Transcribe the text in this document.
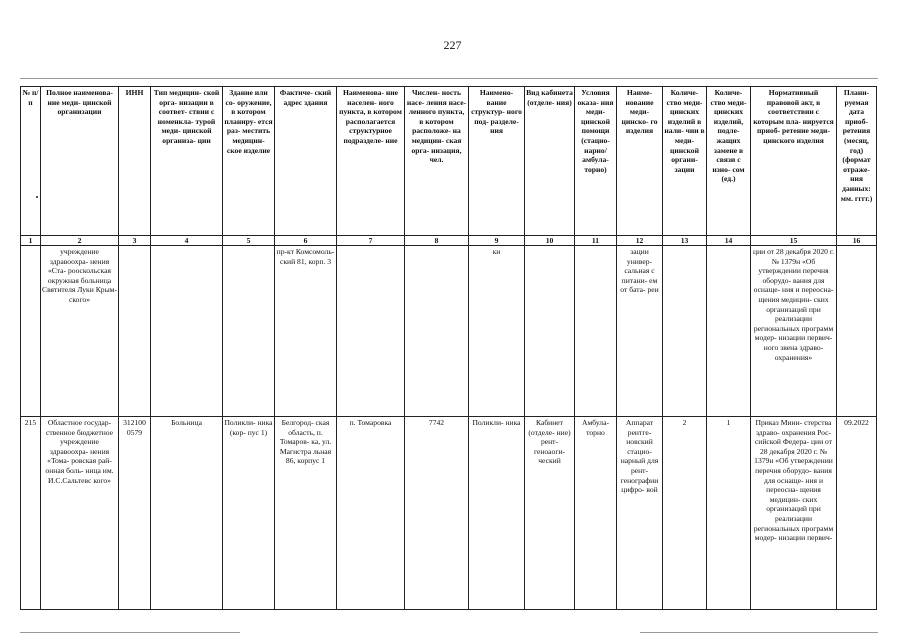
227
№ п/п	Полное наименова- ние меди- цинской организации	ИНН	Тип медицин- ской орга- низации в соответ- ствии с номенкла- турой меди- цинской организа- ции	Здание или со- оружение, в котором планиру- ется раз- местить медицин- ское изделие	Фактиче- ский адрес здания	Наименова- ние населен- ного пункта, в котором располагается структурное подразделе- ние	Числен- ность насе- ления насе- ленного пункта, в котором расположе- на медицин- ская орга- низация, чел.	Наимено- вание структур- ного под- разделе- ния	Вид кабинета (отделе- ния)	Условия оказа- ния меди- цинской помощи (стацио- нарно/ амбула- торно)	Наиме- нование меди- цинско- го изделия	Количе- ство меди- цинских изделий в нали- чии в меди- цинской органи- зации	Количе- ство меди- цинских изделий, подле- жащих замене в связи с изно- сом (ед.)	Нормативный правовой акт, в соответствии с которым пла- нируется приоб- ретение меди- цинского изделия	Плани- руемая дата приоб- ретения (месяц, год) (формат отраже- ния данных: мм. гггг.)
1	2	3	4	5	6	7	8	9	10	11	12	13	14	15	16
	учреждение здравоохра- нения «Ста- рооскольская окружная больница Святителя Луки Крым- ского»				пр-кт Комсомоль- ский 81, корп. 3			ки			зации универ- сальная с питани- ем от бата- реи			ции от 28 декабря 2020 г. № 1379н «Об утверждении перечня оборудо- вания для оснаще- ния и переосна- щения медицин- ских организаций при реализации региональных программ модер- низации первич- ного звена здраво- охранения»	
215	Областное государ- ственное бюджетное учреждение здравоохра- нения «Тома- ровская рай- онная боль- ница им. И.С.Сальтевс кого»	312100 0579	Больница	Поликли- ника (кор- пус 1)	Белгород- ская область, п. Томаров- ка, ул. Магистра льная 86, корпус 1	п. Томаровка	7742	Поликли- ника	Кабинет (отделе- ние) рент- геноаоги- ческий	Амбула- торно	Аппарат рентге- новский стацио- нарный для рент- генографии цифро- вой	2	1	Приказ Мини- стерства здраво- охранения Рос- сийской Федера- ции от 28 декабря 2020 г. № 1379н «Об утверждении перечня оборудо- вания для оснаще- ния и переосна- щения медицин- ских организаций при реализации региональных программ модер- низации первич-	09.2022
